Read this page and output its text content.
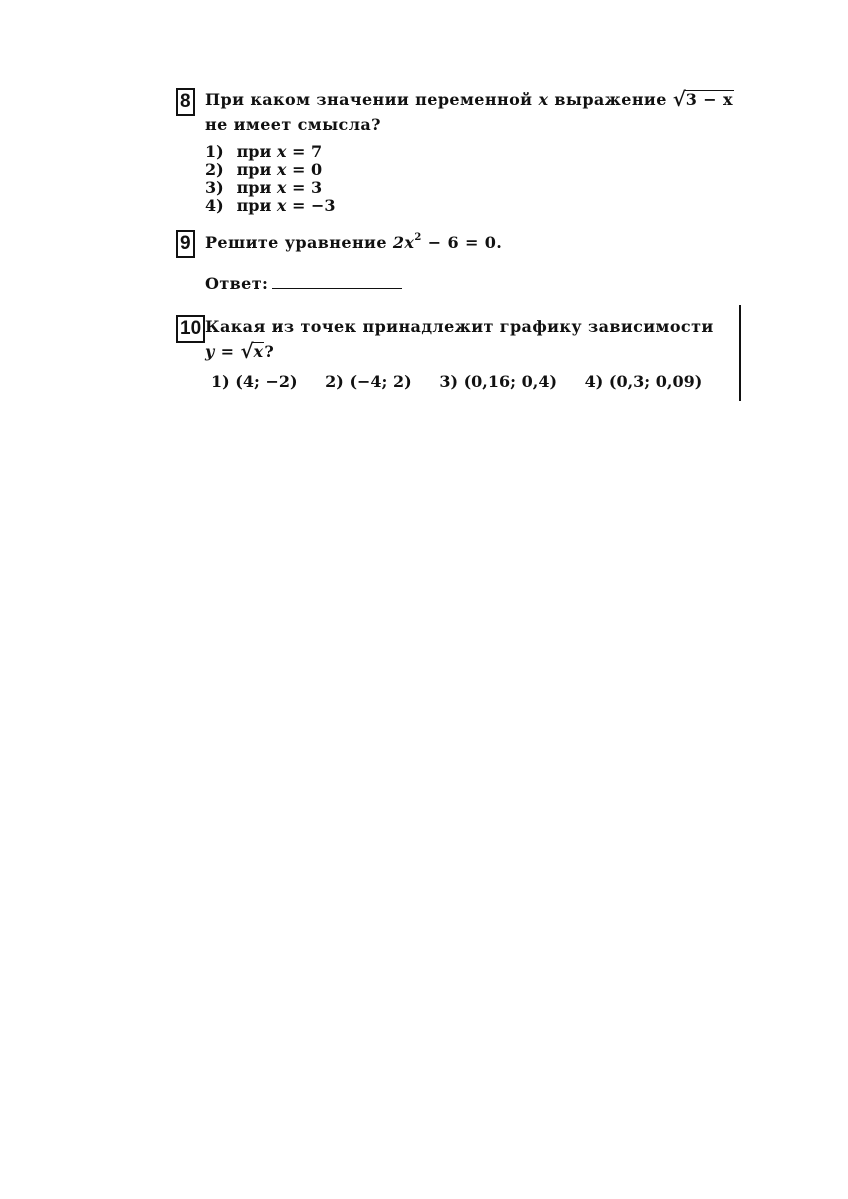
8 При каком значении переменной x выражение √ 3 − x
не имеет смысла?
1) при x = 7
2) при x = 0
3) при x = 3
4) при x = −3
9 Решите уравнение $2x^2 - 6 = 0$.
Ответ:
10 Какая из точек принадлежит графику зависимости
y = √ x?
1) (4; −2) 2) (−4; 2) 3) (0,16; 0,4) 4) (0,3; 0,09)
